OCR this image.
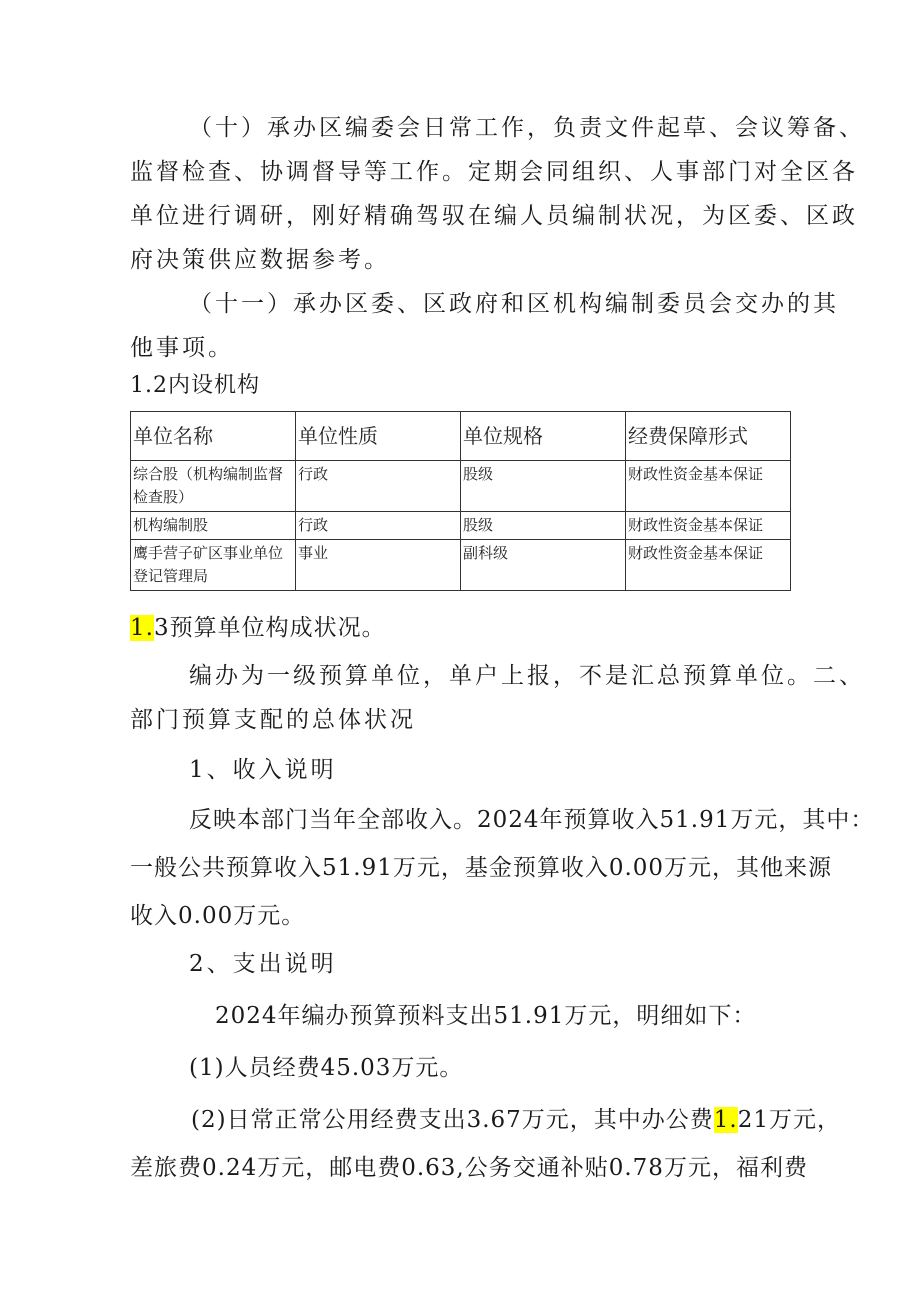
（十）承办区编委会日常工作，负责文件起草、会议筹备、
监督检查、协调督导等工作。定期会同组织、人事部门对全区各
单位进行调研，刚好精确驾驭在编人员编制状况，为区委、区政
府决策供应数据参考。
（十一）承办区委、区政府和区机构编制委员会交办的其
他事项。
1.2内设机构
单位名称	单位性质	单位规格	经费保障形式
综合股（机构编制监督检查股）	行政	股级	财政性资金基本保证
机构编制股	行政	股级	财政性资金基本保证
鹰手营子矿区事业单位登记管理局	事业	副科级	财政性资金基本保证
1.3预算单位构成状况。
编办为一级预算单位，单户上报，不是汇总预算单位。二、
部门预算支配的总体状况
1、收入说明
反映本部门当年全部收入。2024年预算收入51.91万元，其中：
一般公共预算收入51.91万元，基金预算收入0.00万元，其他来源
收入0.00万元。
2、支出说明
2024年编办预算预料支出51.91万元，明细如下：
(1)人员经费45.03万元。
(2)日常正常公用经费支出3.67万元，其中办公费1.21万元，
差旅费0.24万元，邮电费0.63,公务交通补贴0.78万元，福利费
